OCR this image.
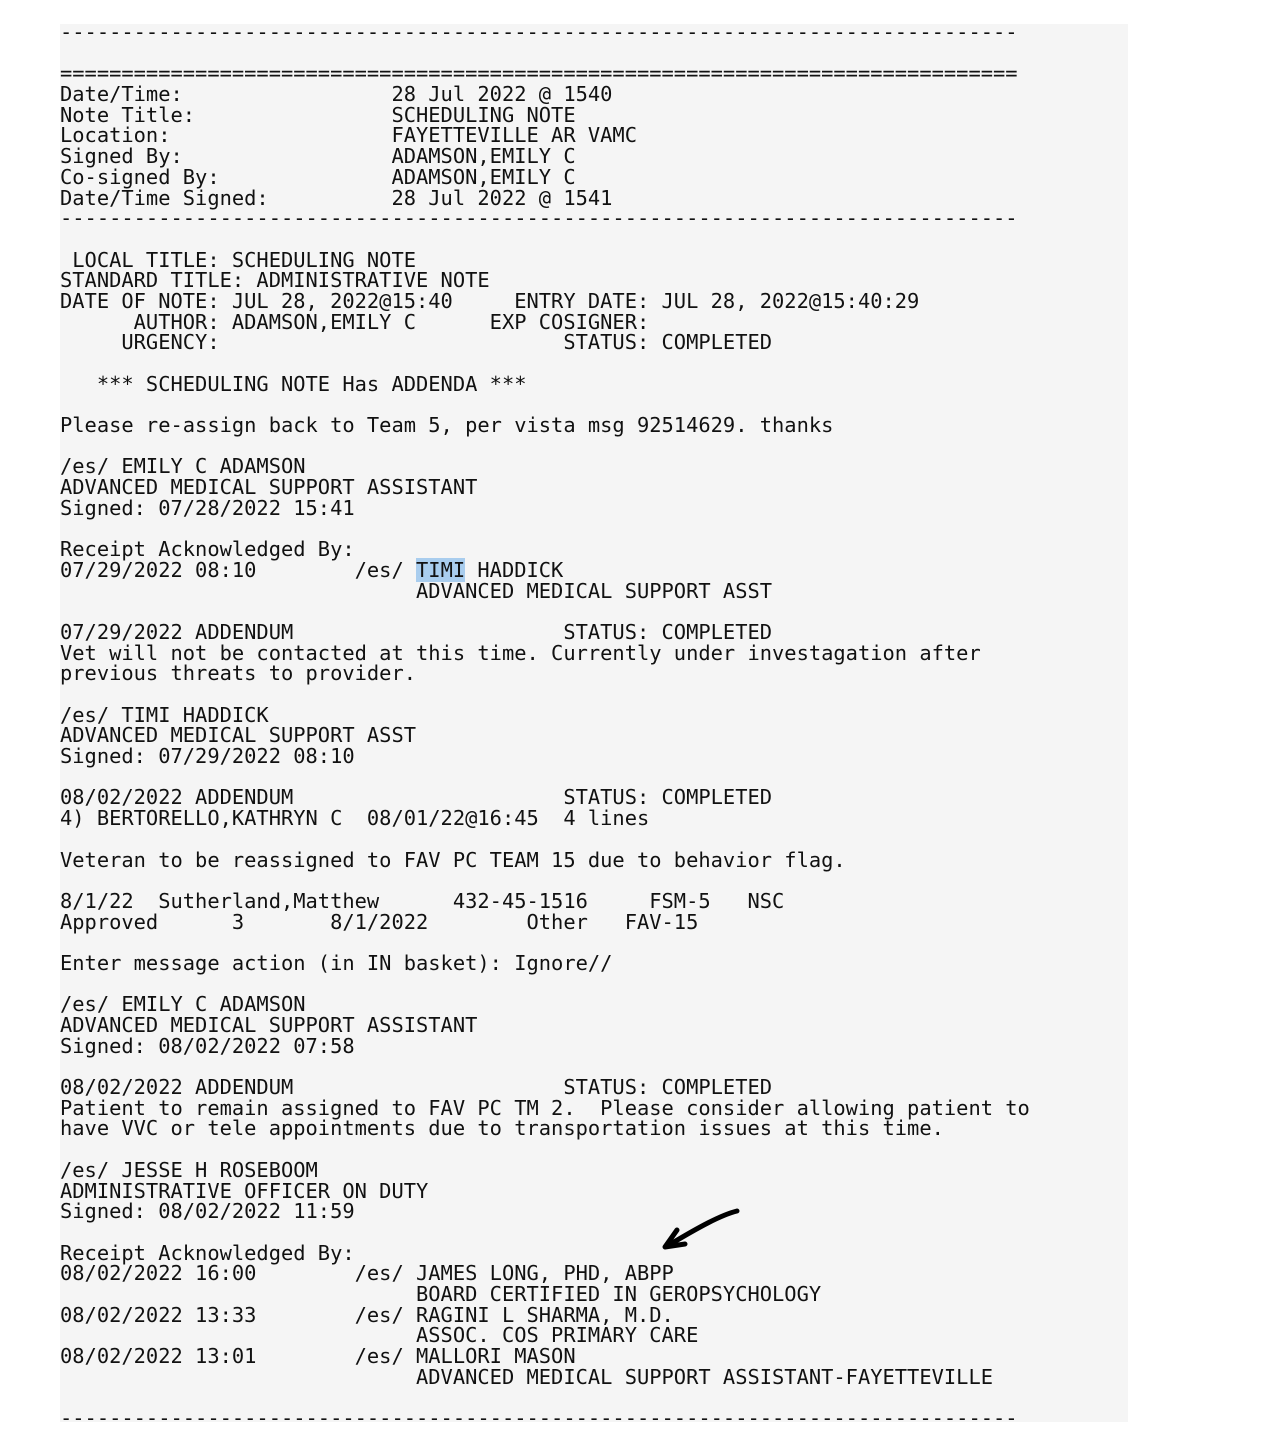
------------------------------------------------------------------------------
==============================================================================
Date/Time:                 28 Jul 2022 @ 1540
Note Title:                SCHEDULING NOTE
Location:                  FAYETTEVILLE AR VAMC
Signed By:                 ADAMSON,EMILY C
Co-signed By:              ADAMSON,EMILY C
Date/Time Signed:          28 Jul 2022 @ 1541
------------------------------------------------------------------------------
LOCAL TITLE: SCHEDULING NOTE
STANDARD TITLE: ADMINISTRATIVE NOTE
DATE OF NOTE: JUL 28, 2022@15:40     ENTRY DATE: JUL 28, 2022@15:40:29
AUTHOR: ADAMSON,EMILY C      EXP COSIGNER:
URGENCY:                            STATUS: COMPLETED
*** SCHEDULING NOTE Has ADDENDA ***
Please re-assign back to Team 5, per vista msg 92514629. thanks
/es/ EMILY C ADAMSON
ADVANCED MEDICAL SUPPORT ASSISTANT
Signed: 07/28/2022 15:41
Receipt Acknowledged By:
07/29/2022 08:10        /es/ TIMI HADDICK
ADVANCED MEDICAL SUPPORT ASST
07/29/2022 ADDENDUM                      STATUS: COMPLETED
Vet will not be contacted at this time. Currently under investagation after
previous threats to provider.
/es/ TIMI HADDICK
ADVANCED MEDICAL SUPPORT ASST
Signed: 07/29/2022 08:10
08/02/2022 ADDENDUM                      STATUS: COMPLETED
4) BERTORELLO,KATHRYN C  08/01/22@16:45  4 lines
Veteran to be reassigned to FAV PC TEAM 15 due to behavior flag.
8/1/22  Sutherland,Matthew      432-45-1516     FSM-5   NSC
Approved      3       8/1/2022        Other   FAV-15
Enter message action (in IN basket): Ignore//
/es/ EMILY C ADAMSON
ADVANCED MEDICAL SUPPORT ASSISTANT
Signed: 08/02/2022 07:58
08/02/2022 ADDENDUM                      STATUS: COMPLETED
Patient to remain assigned to FAV PC TM 2.  Please consider allowing patient to
have VVC or tele appointments due to transportation issues at this time.
/es/ JESSE H ROSEBOOM
ADMINISTRATIVE OFFICER ON DUTY
Signed: 08/02/2022 11:59
Receipt Acknowledged By:
08/02/2022 16:00        /es/ JAMES LONG, PHD, ABPP
BOARD CERTIFIED IN GEROPSYCHOLOGY
08/02/2022 13:33        /es/ RAGINI L SHARMA, M.D.
ASSOC. COS PRIMARY CARE
08/02/2022 13:01        /es/ MALLORI MASON
ADVANCED MEDICAL SUPPORT ASSISTANT-FAYETTEVILLE
------------------------------------------------------------------------------
